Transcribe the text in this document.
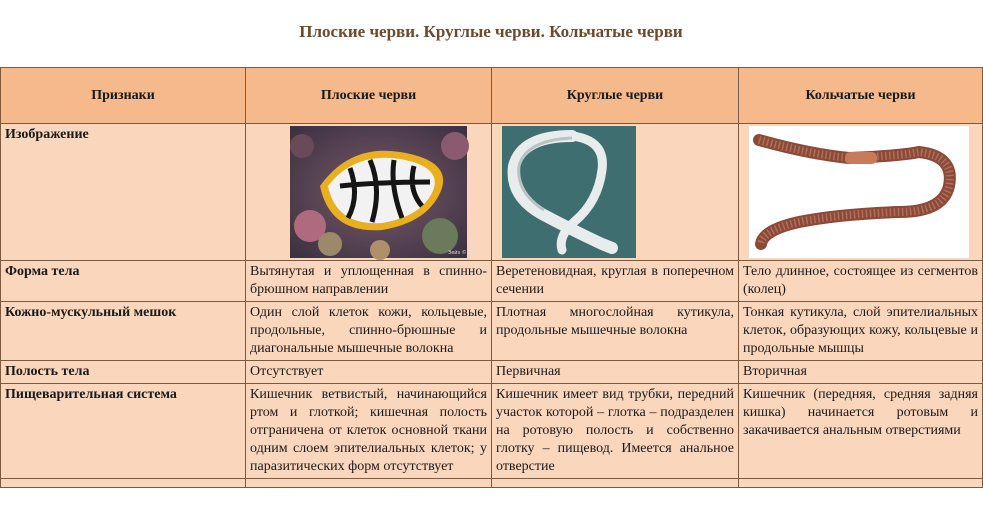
Плоские черви. Круглые черви. Кольчатые черви
Признаки	Плоские черви	Круглые черви	Кольчатые черви
Изображение	Зейз © 3

Форма тела	Вытянутая и уплощенная в спинно-брюшном направлении	Веретеновидная, круглая в поперечном сечении	Тело длинное, состоящее из сегментов (колец)
Кожно-мускульный мешок	Один слой клеток кожи, кольцевые, продольные, спинно-брюшные и диагональные мышечные волокна	Плотная многослойная кутикула, продольные мышечные волокна	Тонкая кутикула, слой эпителиальных клеток, образующих кожу, кольцевые и продольные мышцы
Полость тела	Отсутствует	Первичная	Вторичная
Пищеварительная система	Кишечник ветвистый, начинающийся ртом и глоткой; кишечная полость отграничена от клеток основной ткани одним слоем эпителиальных клеток; у паразитических форм отсутствует	Кишечник имеет вид трубки, передний участок которой – глотка – подразделен на ротовую полость и собственно глотку – пищевод. Имеется анальное отверстие	Кишечник (передняя, средняя задняя кишка) начинается ротовым и закачивается анальным отверстиями
